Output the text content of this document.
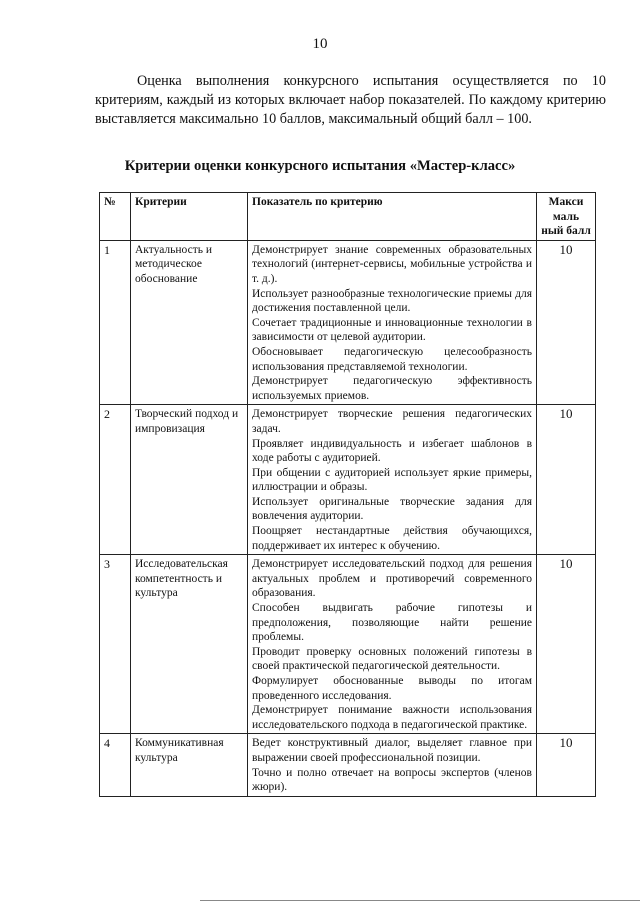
10

Оценка выполнения конкурсного испытания осуществляется по 10 критериям, каждый из которых включает набор показателей. По каждому критерию выставляется максимально 10 баллов, максимальный общий балл – 100.

Критерии оценки конкурсного испытания «Мастер-класс»
№	Критерии	Показатель по критерию	Макси маль ный балл
1	Актуальность и методическое обоснование	Демонстрирует знание современных образовательных технологий (интернет-сервисы, мобильные устройства и т. д.).
Использует разнообразные технологические приемы для достижения поставленной цели.
Сочетает традиционные и инновационные технологии в зависимости от целевой аудитории.
Обосновывает педагогическую целесообразность использования представляемой технологии.
Демонстрирует педагогическую эффективность используемых приемов.	10
2	Творческий подход и импровизация	Демонстрирует творческие решения педагогических задач.
Проявляет индивидуальность и избегает шаблонов в ходе работы с аудиторией.
При общении с аудиторией использует яркие примеры, иллюстрации и образы.
Использует оригинальные творческие задания для вовлечения аудитории.
Поощряет нестандартные действия обучающихся, поддерживает их интерес к обучению.	10
3	Исследовательская компетентность и культура	Демонстрирует исследовательский подход для решения актуальных проблем и противоречий современного образования.
Способен выдвигать рабочие гипотезы и предположения, позволяющие найти решение проблемы.
Проводит проверку основных положений гипотезы в своей практической педагогической деятельности.
Формулирует обоснованные выводы по итогам проведенного исследования.
Демонстрирует понимание важности использования исследовательского подхода в педагогической практике.	10
4	Коммуникативная культура	Ведет конструктивный диалог, выделяет главное при выражении своей профессиональной позиции.
Точно и полно отвечает на вопросы экспертов (членов жюри).	10
